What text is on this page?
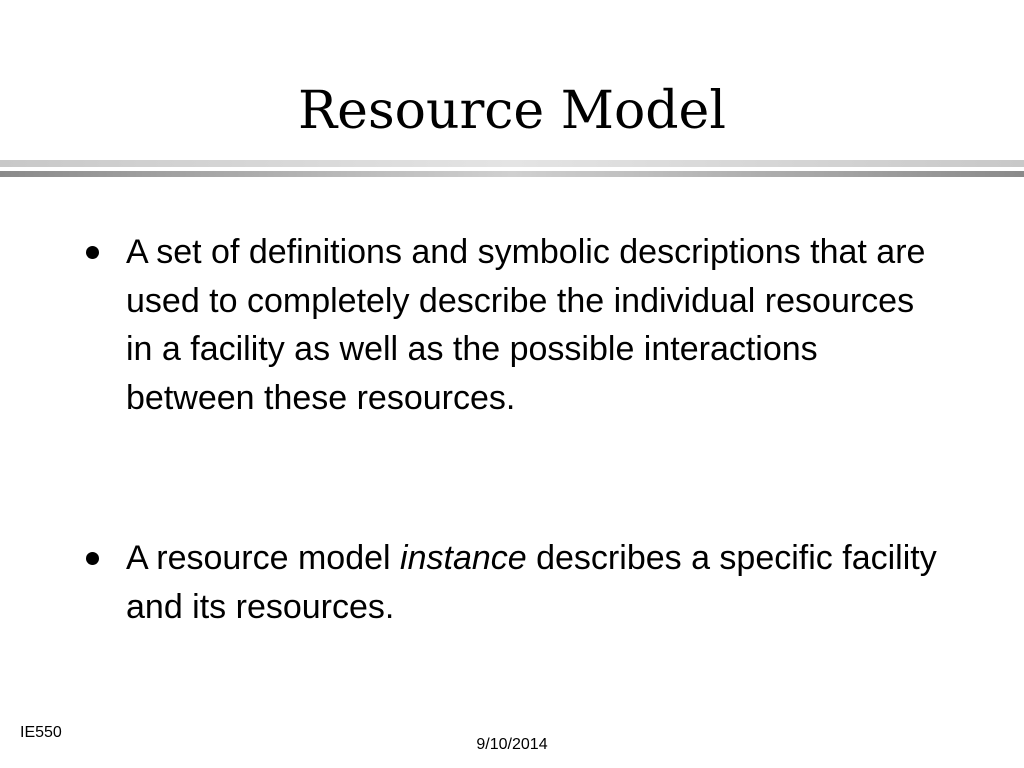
Resource Model
A set of definitions and symbolic descriptions that are used to completely describe the individual resources in a facility as well as the possible interactions between these resources.
A resource model instance describes a specific facility and its resources.
IE550
9/10/2014
